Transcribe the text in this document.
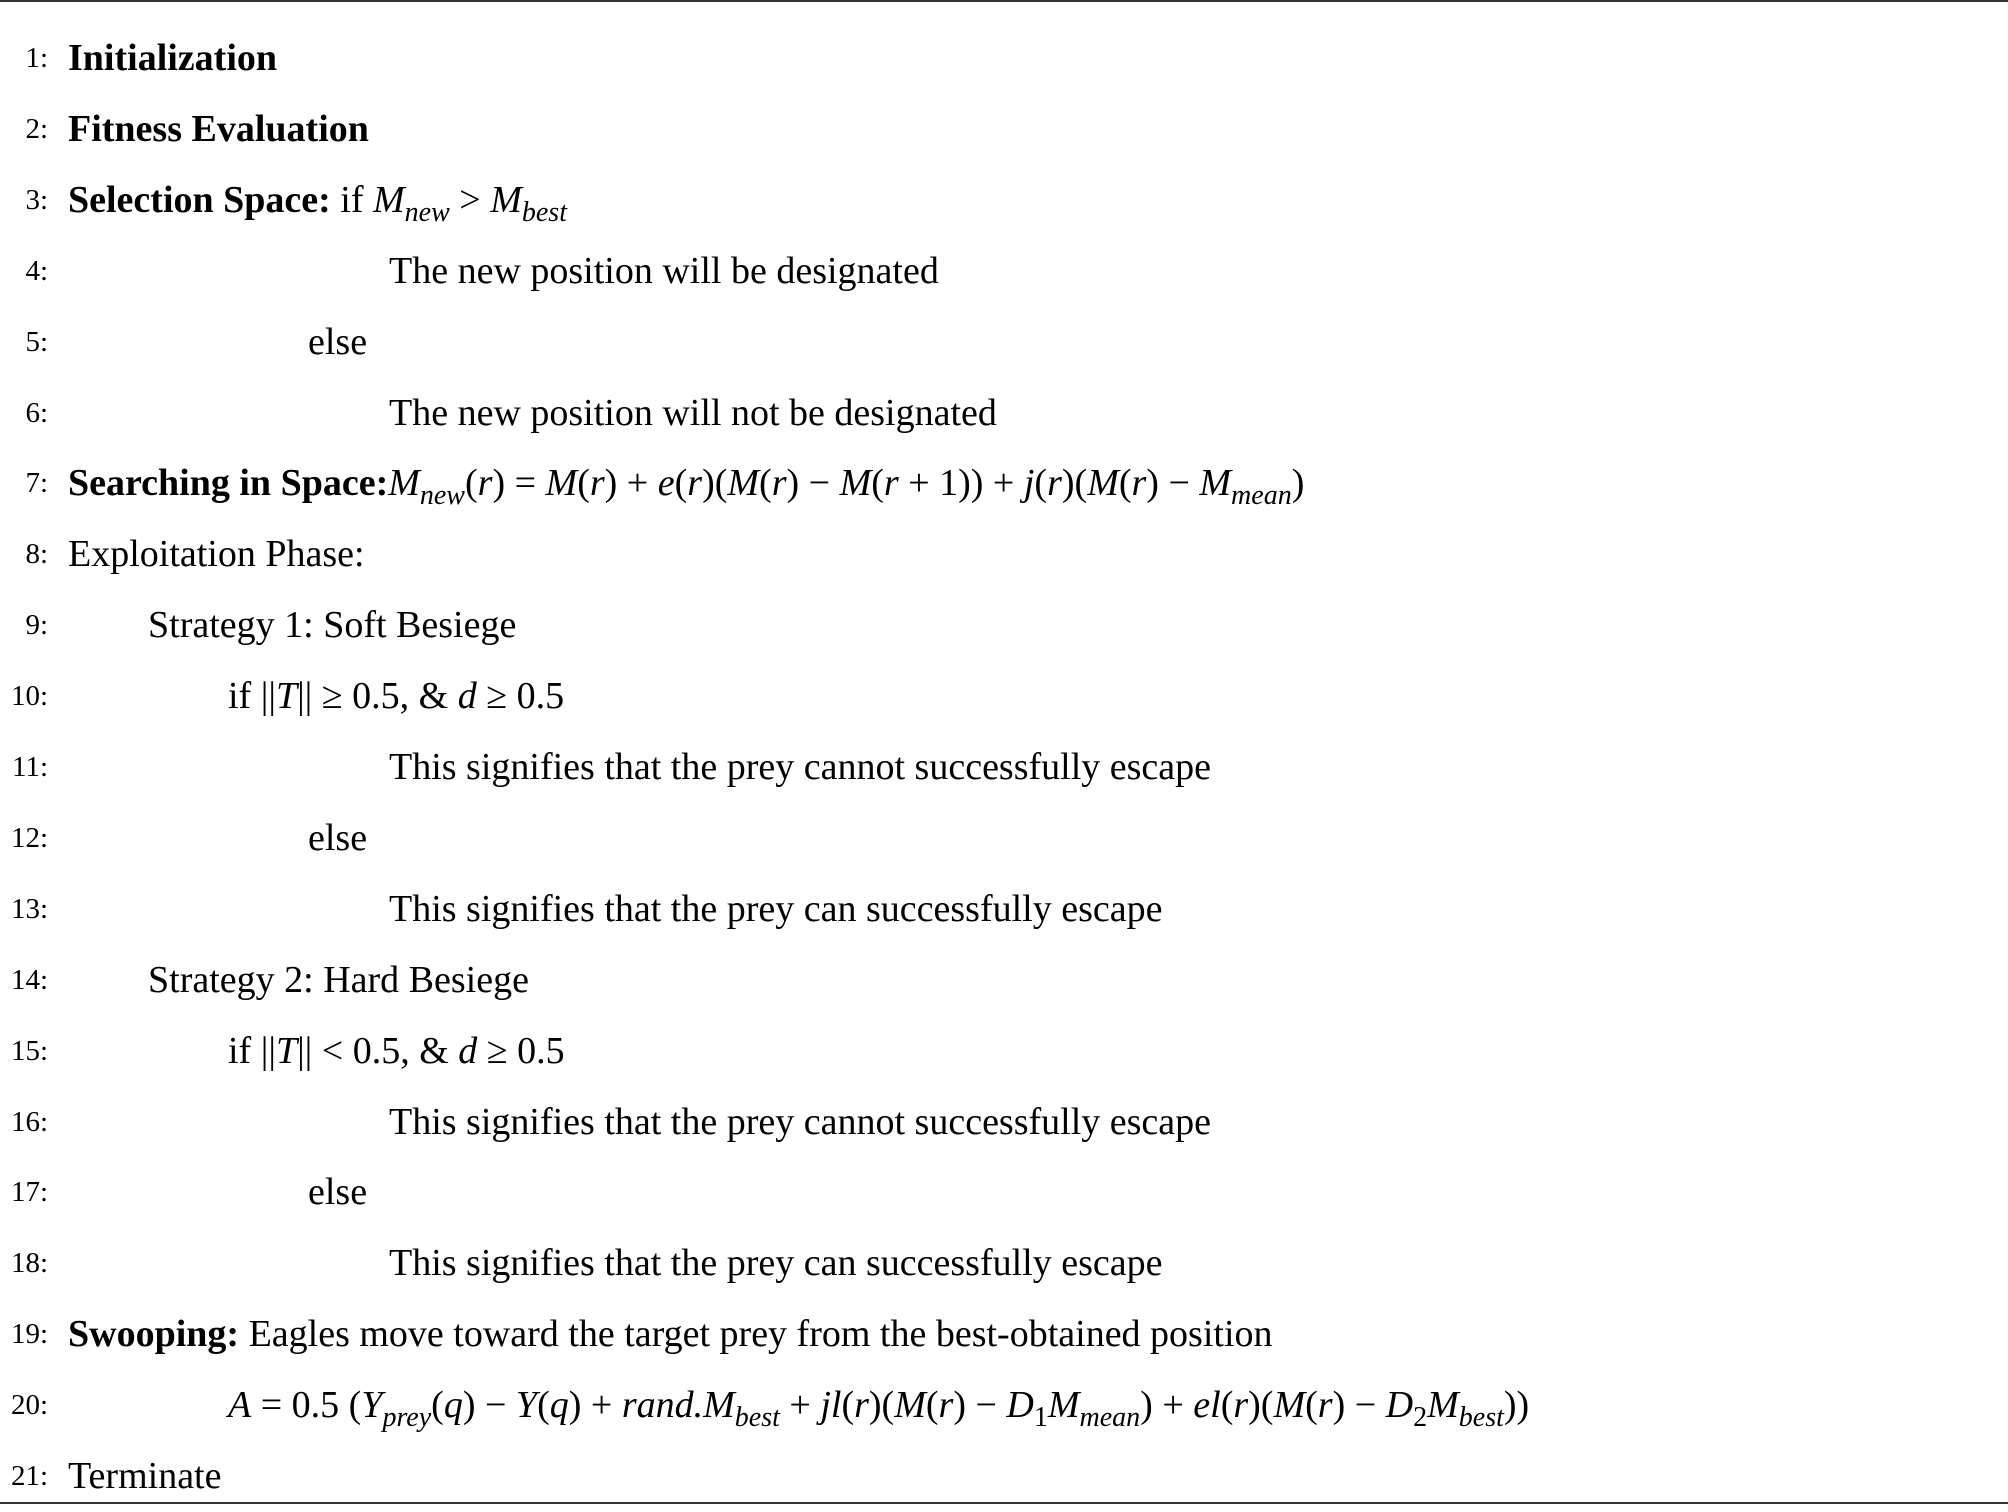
1: Initialization
2: Fitness Evaluation
3: Selection Space: if $M_{new} > M_{best}$
4:	The new position will be designated
5:	else
6:	The new position will not be designated
7: Searching in $Space:M_{new}(r) = M(r) + e(r)(M(r) - M(r + 1)) + j(r)(M(r) - M_{mean})$
8: Exploitation Phase:
9:	Strategy 1: Soft Besiege
10:	if ||T|| ≥ 0.5, & d ≥ 0.5
11:	This signifies that the prey cannot successfully escape
12:	else
13:	This signifies that the prey can successfully escape
14:	Strategy 2: Hard Besiege
15:	if ||T|| < 0.5, & d ≥ 0.5
16:	This signifies that the prey cannot successfully escape
17:	else
18:	This signifies that the prey can successfully escape
19: Swooping: Eagles move toward the target prey from the best-obtained position
20:	A = 0.5 ($Y_{prey}(q) - Y(q)$ + $rand.M_{best} + jl(r)(M(r) - D_1M_{mean}) + el(r)(M(r) - D_2M_{best})$)
21: Terminate
